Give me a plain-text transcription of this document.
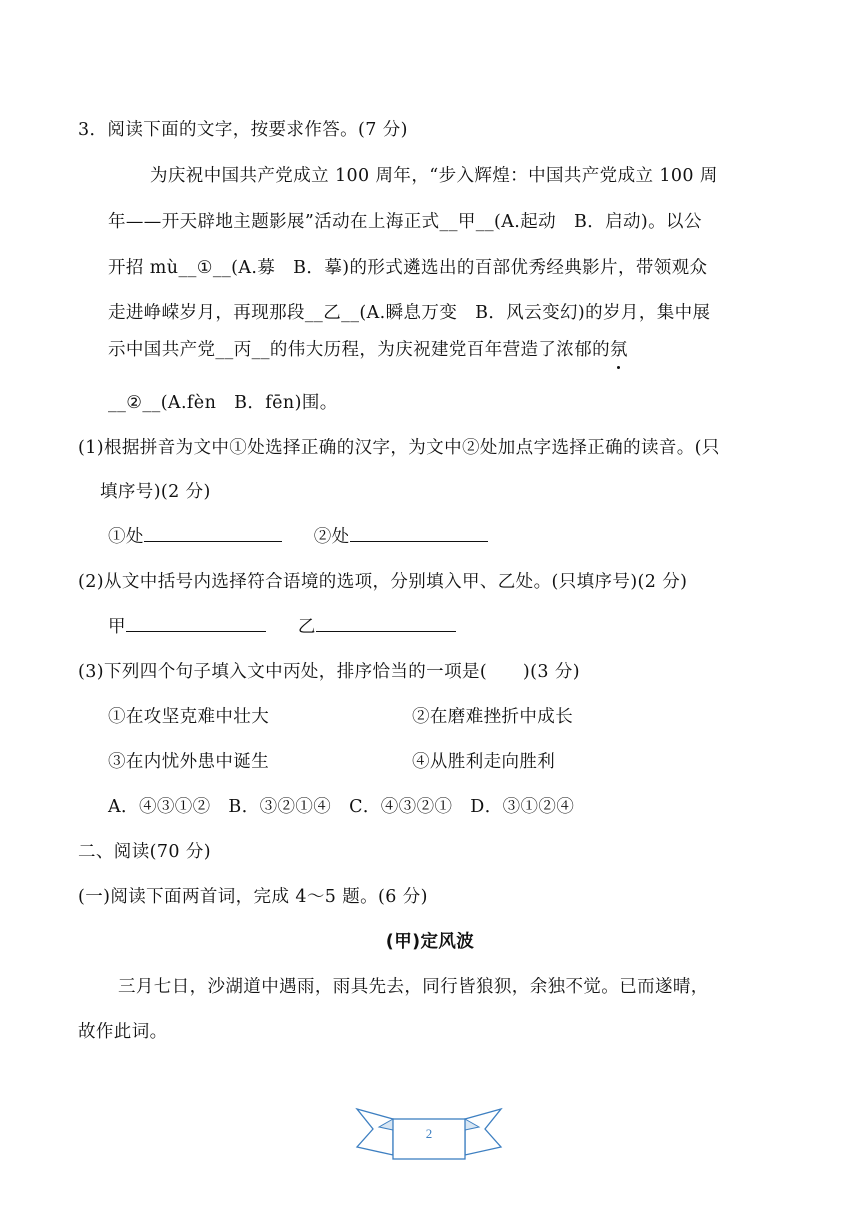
3．阅读下面的文字，按要求作答。(7 分)
为庆祝中国共产党成立 100 周年，“步入辉煌：中国共产党成立 100 周
年——开天辟地主题影展”活动在上海正式__甲__(A.起动　B．启动)。以公
开招 mù__①__(A.募　B．摹)的形式遴选出的百部优秀经典影片，带领观众
走进峥嵘岁月，再现那段__乙__(A.瞬息万变　B．风云变幻)的岁月，集中展
示中国共产党__丙__的伟大历程，为庆祝建党百年营造了浓郁的氛
__②__(A.fèn　B．fēn)围。
(1)根据拼音为文中①处选择正确的汉字，为文中②处加点字选择正确的读音。(只
填序号)(2 分)
①处	②处
(2)从文中括号内选择符合语境的选项，分别填入甲、乙处。(只填序号)(2 分)
甲	乙
(3)下列四个句子填入文中丙处，排序恰当的一项是(　　)(3 分)
①在攻坚克难中壮大	②在磨难挫折中成长
③在内忧外患中诞生	④从胜利走向胜利
A．④③①②　B．③②①④　C．④③②①　D．③①②④
二、阅读(70 分)
(一)阅读下面两首词，完成 4～5 题。(6 分)
(甲)定风波
三月七日，沙湖道中遇雨，雨具先去，同行皆狼狈，余独不觉。已而遂晴，
故作此词。
2
